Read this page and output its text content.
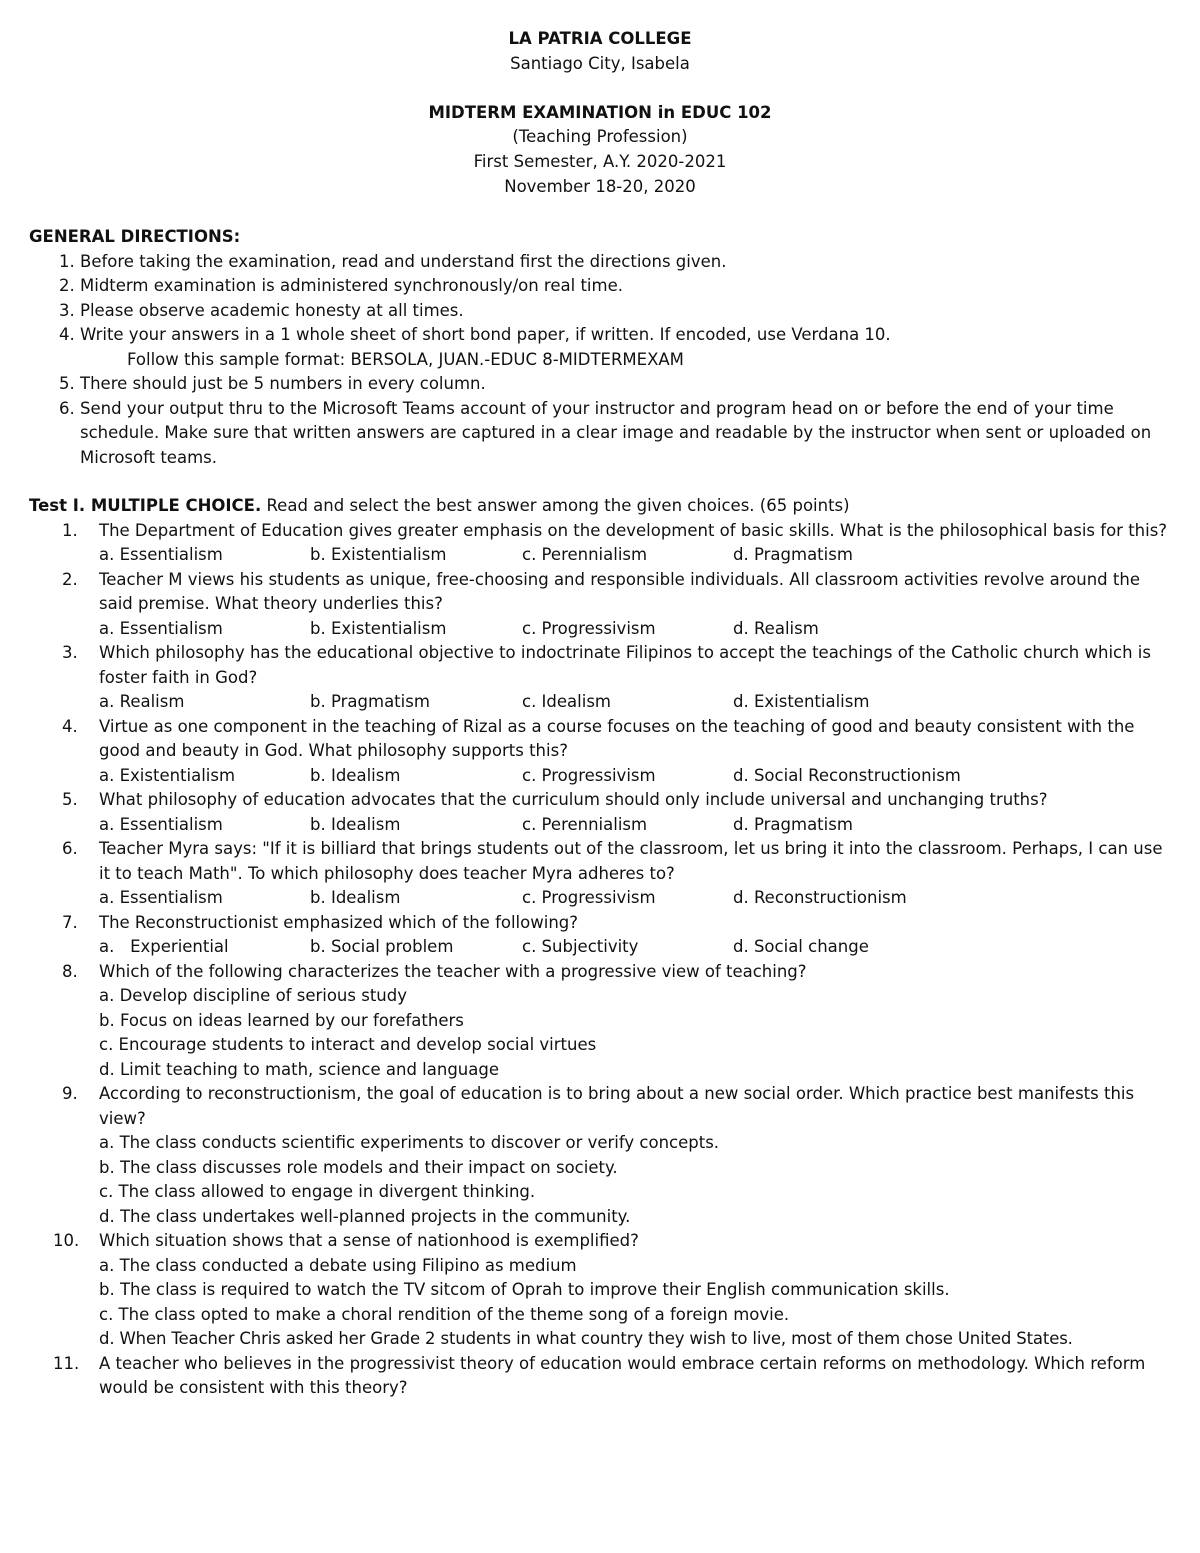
LA PATRIA COLLEGE
Santiago City, Isabela
MIDTERM EXAMINATION in EDUC 102
(Teaching Profession)
First Semester, A.Y. 2020-2021
November 18-20, 2020
GENERAL DIRECTIONS:
1. Before taking the examination, read and understand first the directions given.
2. Midterm examination is administered synchronously/on real time.
3. Please observe academic honesty at all times.
4. Write your answers in a 1 whole sheet of short bond paper, if written. If encoded, use Verdana 10.
Follow this sample format: BERSOLA, JUAN.-EDUC 8-MIDTERMEXAM
5. There should just be 5 numbers in every column.
6. Send your output thru to the Microsoft Teams account of your instructor and program head on or before the end of your time schedule. Make sure that written answers are captured in a clear image and readable by the instructor when sent or uploaded on Microsoft teams.
Test I. MULTIPLE CHOICE. Read and select the best answer among the given choices. (65 points)
1. The Department of Education gives greater emphasis on the development of basic skills. What is the philosophical basis for this?
a. Essentialism	b. Existentialism	c. Perennialism	d. Pragmatism
2. Teacher M views his students as unique, free-choosing and responsible individuals. All classroom activities revolve around the said premise. What theory underlies this?
a. Essentialism	b. Existentialism	c. Progressivism	d. Realism
3. Which philosophy has the educational objective to indoctrinate Filipinos to accept the teachings of the Catholic church which is foster faith in God?
a. Realism	b. Pragmatism	c. Idealism	d. Existentialism
4. Virtue as one component in the teaching of Rizal as a course focuses on the teaching of good and beauty consistent with the good and beauty in God. What philosophy supports this?
a. Existentialism	b. Idealism	c. Progressivism	d. Social Reconstructionism
5. What philosophy of education advocates that the curriculum should only include universal and unchanging truths?
a. Essentialism	b. Idealism	c. Perennialism	d. Pragmatism
6. Teacher Myra says: "If it is billiard that brings students out of the classroom, let us bring it into the classroom. Perhaps, I can use it to teach Math". To which philosophy does teacher Myra adheres to?
a. Essentialism	b. Idealism	c. Progressivism	d. Reconstructionism
7. The Reconstructionist emphasized which of the following?
a.   Experiential	b. Social problem	c. Subjectivity	d. Social change
8. Which of the following characterizes the teacher with a progressive view of teaching?
a. Develop discipline of serious study
b. Focus on ideas learned by our forefathers
c. Encourage students to interact and develop social virtues
d. Limit teaching to math, science and language
9. According to reconstructionism, the goal of education is to bring about a new social order. Which practice best manifests this view?
a. The class conducts scientific experiments to discover or verify concepts.
b. The class discusses role models and their impact on society.
c. The class allowed to engage in divergent thinking.
d. The class undertakes well-planned projects in the community.
10. Which situation shows that a sense of nationhood is exemplified?
a. The class conducted a debate using Filipino as medium
b. The class is required to watch the TV sitcom of Oprah to improve their English communication skills.
c. The class opted to make a choral rendition of the theme song of a foreign movie.
d. When Teacher Chris asked her Grade 2 students in what country they wish to live, most of them chose United States.
11. A teacher who believes in the progressivist theory of education would embrace certain reforms on methodology. Which reform would be consistent with this theory?
